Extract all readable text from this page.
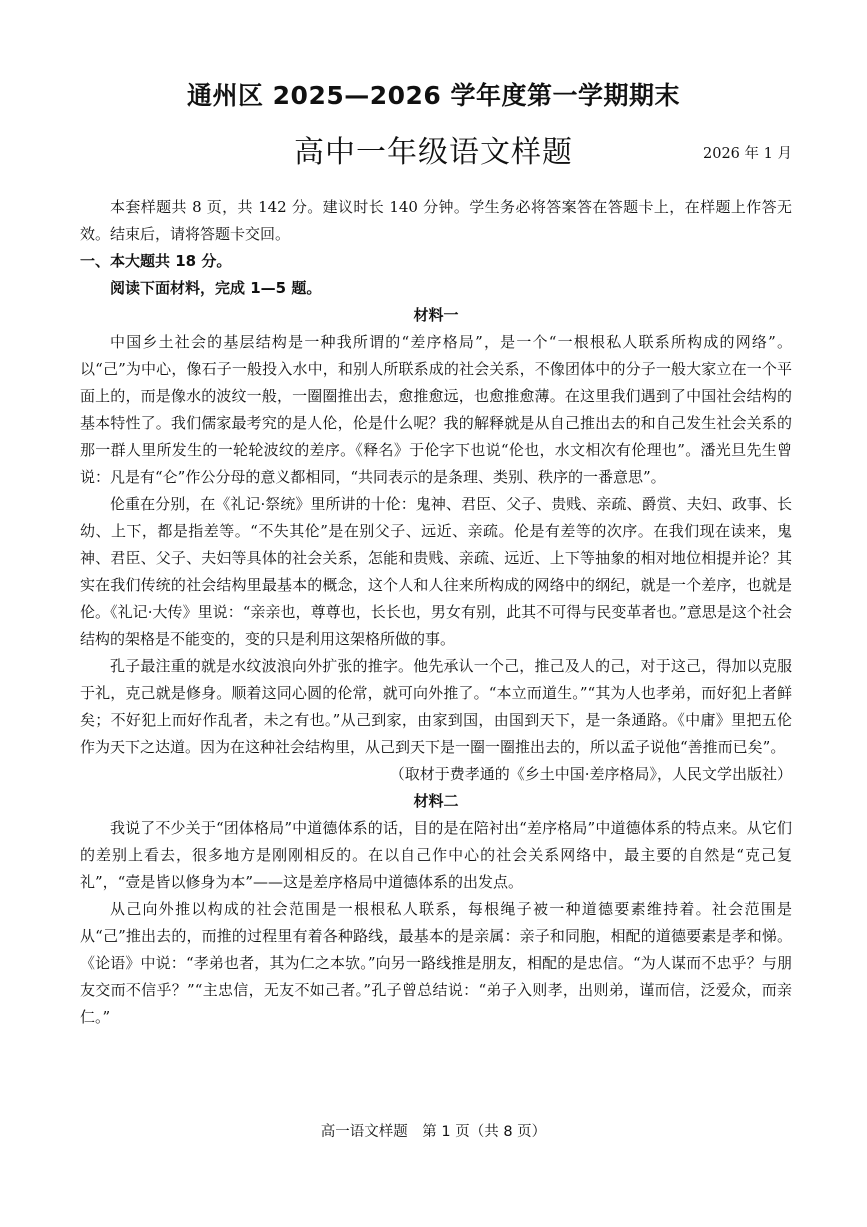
通州区 2025—2026 学年度第一学期期末
高中一年级语文样题	2026 年 1 月

本套样题共 8 页，共 142 分。建议时长 140 分钟。学生务必将答案答在答题卡上，在样题上作答无效。结束后，请将答题卡交回。

一、本大题共 18 分。

阅读下面材料，完成 1—5 题。

材料一

中国乡土社会的基层结构是一种我所谓的“差序格局”，是一个“一根根私人联系所构成的网络”。以“己”为中心，像石子一般投入水中，和别人所联系成的社会关系，不像团体中的分子一般大家立在一个平面上的，而是像水的波纹一般，一圈圈推出去，愈推愈远，也愈推愈薄。在这里我们遇到了中国社会结构的基本特性了。我们儒家最考究的是人伦，伦是什么呢？我的解释就是从自己推出去的和自己发生社会关系的那一群人里所发生的一轮轮波纹的差序。《释名》于伦字下也说“伦也，水文相次有伦理也”。潘光旦先生曾说：凡是有“仑”作公分母的意义都相同，“共同表示的是条理、类别、秩序的一番意思”。

伦重在分别，在《礼记·祭统》里所讲的十伦：鬼神、君臣、父子、贵贱、亲疏、爵赏、夫妇、政事、长幼、上下，都是指差等。“不失其伦”是在别父子、远近、亲疏。伦是有差等的次序。在我们现在读来，鬼神、君臣、父子、夫妇等具体的社会关系，怎能和贵贱、亲疏、远近、上下等抽象的相对地位相提并论？其实在我们传统的社会结构里最基本的概念，这个人和人往来所构成的网络中的纲纪，就是一个差序，也就是伦。《礼记·大传》里说：“亲亲也，尊尊也，长长也，男女有别，此其不可得与民变革者也。”意思是这个社会结构的架格是不能变的，变的只是利用这架格所做的事。

孔子最注重的就是水纹波浪向外扩张的推字。他先承认一个己，推己及人的己，对于这己，得加以克服于礼，克己就是修身。顺着这同心圆的伦常，就可向外推了。“本立而道生。”“其为人也孝弟，而好犯上者鲜矣；不好犯上而好作乱者，未之有也。”从己到家，由家到国，由国到天下，是一条通路。《中庸》里把五伦作为天下之达道。因为在这种社会结构里，从己到天下是一圈一圈推出去的，所以孟子说他“善推而已矣”。

（取材于费孝通的《乡土中国·差序格局》，人民文学出版社）

材料二

我说了不少关于“团体格局”中道德体系的话，目的是在陪衬出“差序格局”中道德体系的特点来。从它们的差别上看去，很多地方是刚刚相反的。在以自己作中心的社会关系网络中，最主要的自然是“克己复礼”，“壹是皆以修身为本”——这是差序格局中道德体系的出发点。

从己向外推以构成的社会范围是一根根私人联系，每根绳子被一种道德要素维持着。社会范围是从“己”推出去的，而推的过程里有着各种路线，最基本的是亲属：亲子和同胞，相配的道德要素是孝和悌。《论语》中说：“孝弟也者，其为仁之本欤。”向另一路线推是朋友，相配的是忠信。“为人谋而不忠乎？与朋友交而不信乎？”“主忠信，无友不如己者。”孔子曾总结说：“弟子入则孝，出则弟，谨而信，泛爱众，而亲仁。”

高一语文样题　第 1 页（共 8 页）
